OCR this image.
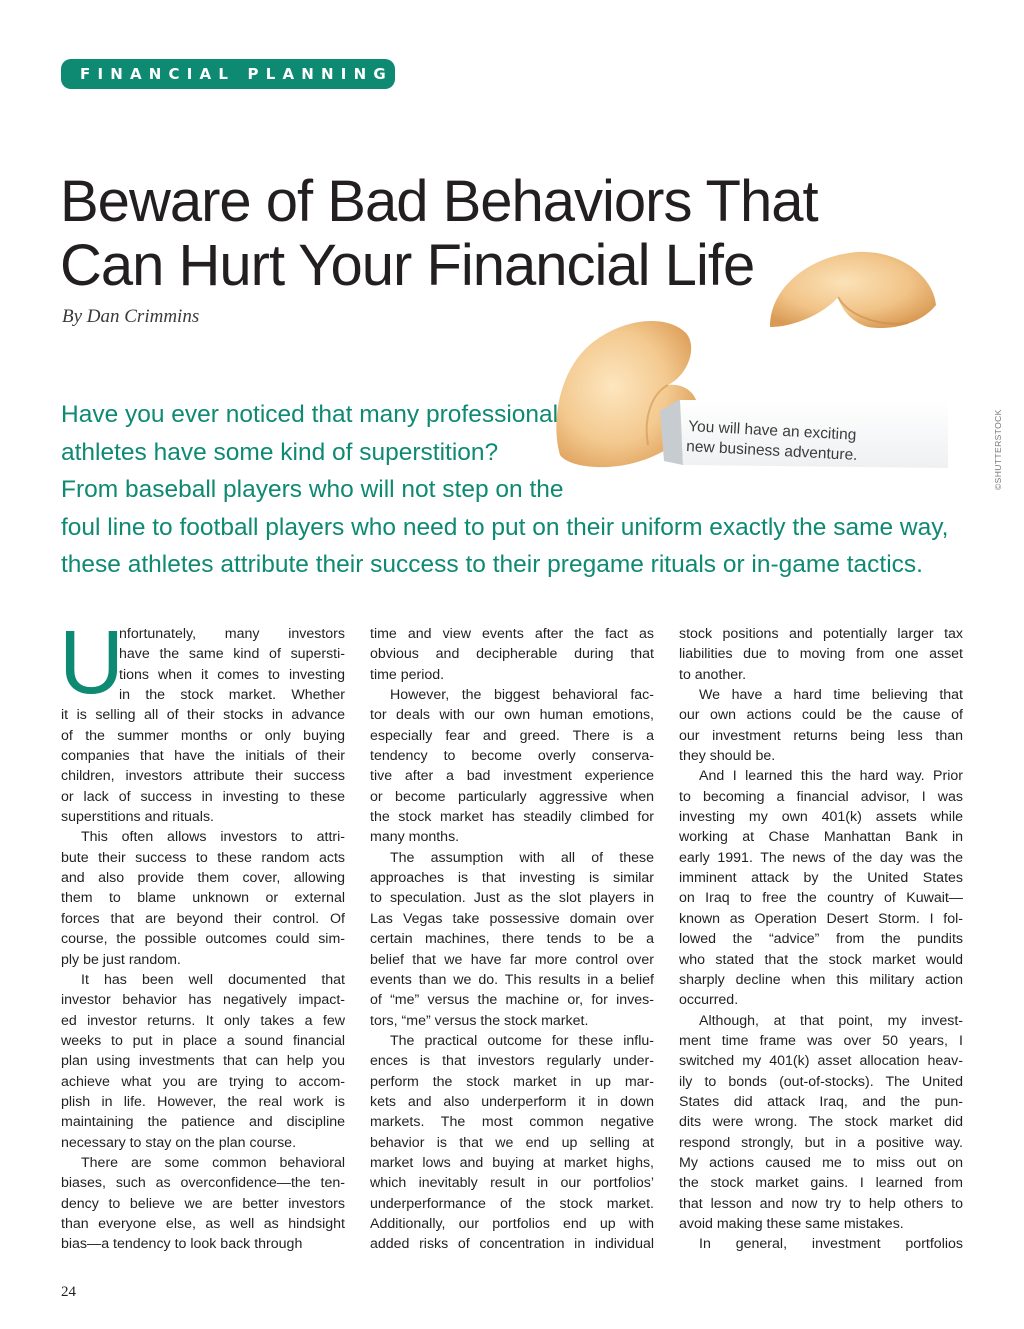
FINANCIAL PLANNING
Beware of Bad Behaviors That
Can Hurt Your Financial Life
By Dan Crimmins
You will have an exciting
new business adventure.	©SHUTTERSTOCK
Have you ever noticed that many professional
athletes have some kind of superstition?
From baseball players who will not step on the
foul line to football players who need to put on their uniform exactly the same way,
these athletes attribute their success to their pregame rituals or in-game tactics.
U
nfortunately, many investors
have the same kind of supersti-
tions when it comes to investing
in the stock market. Whether
it is selling all of their stocks in advance
of the summer months or only buying
companies that have the initials of their
children, investors attribute their success
or lack of success in investing to these
superstitions and rituals.
This often allows investors to attri-
bute their success to these random acts
and also provide them cover, allowing
them to blame unknown or external
forces that are beyond their control. Of
course, the possible outcomes could sim-
ply be just random.
It has been well documented that
investor behavior has negatively impact-
ed investor returns. It only takes a few
weeks to put in place a sound financial
plan using investments that can help you
achieve what you are trying to accom-
plish in life. However, the real work is
maintaining the patience and discipline
necessary to stay on the plan course.
There are some common behavioral
biases, such as overconfidence—the ten-
dency to believe we are better investors
than everyone else, as well as hindsight
bias—a tendency to look back through
time and view events after the fact as
obvious and decipherable during that
time period.
However, the biggest behavioral fac-
tor deals with our own human emotions,
especially fear and greed. There is a
tendency to become overly conserva-
tive after a bad investment experience
or become particularly aggressive when
the stock market has steadily climbed for
many months.
The assumption with all of these
approaches is that investing is similar
to speculation. Just as the slot players in
Las Vegas take possessive domain over
certain machines, there tends to be a
belief that we have far more control over
events than we do. This results in a belief
of “me” versus the machine or, for inves-
tors, “me” versus the stock market.
The practical outcome for these influ-
ences is that investors regularly under-
perform the stock market in up mar-
kets and also underperform it in down
markets. The most common negative
behavior is that we end up selling at
market lows and buying at market highs,
which inevitably result in our portfolios’
underperformance of the stock market.
Additionally, our portfolios end up with
added risks of concentration in individual
stock positions and potentially larger tax
liabilities due to moving from one asset
to another.
We have a hard time believing that
our own actions could be the cause of
our investment returns being less than
they should be.
And I learned this the hard way. Prior
to becoming a financial advisor, I was
investing my own 401(k) assets while
working at Chase Manhattan Bank in
early 1991. The news of the day was the
imminent attack by the United States
on Iraq to free the country of Kuwait—
known as Operation Desert Storm. I fol-
lowed the “advice” from the pundits
who stated that the stock market would
sharply decline when this military action
occurred.
Although, at that point, my invest-
ment time frame was over 50 years, I
switched my 401(k) asset allocation heav-
ily to bonds (out-of-stocks). The United
States did attack Iraq, and the pun-
dits were wrong. The stock market did
respond strongly, but in a positive way.
My actions caused me to miss out on
the stock market gains. I learned from
that lesson and now try to help others to
avoid making these same mistakes.
In general, investment portfolios
24
